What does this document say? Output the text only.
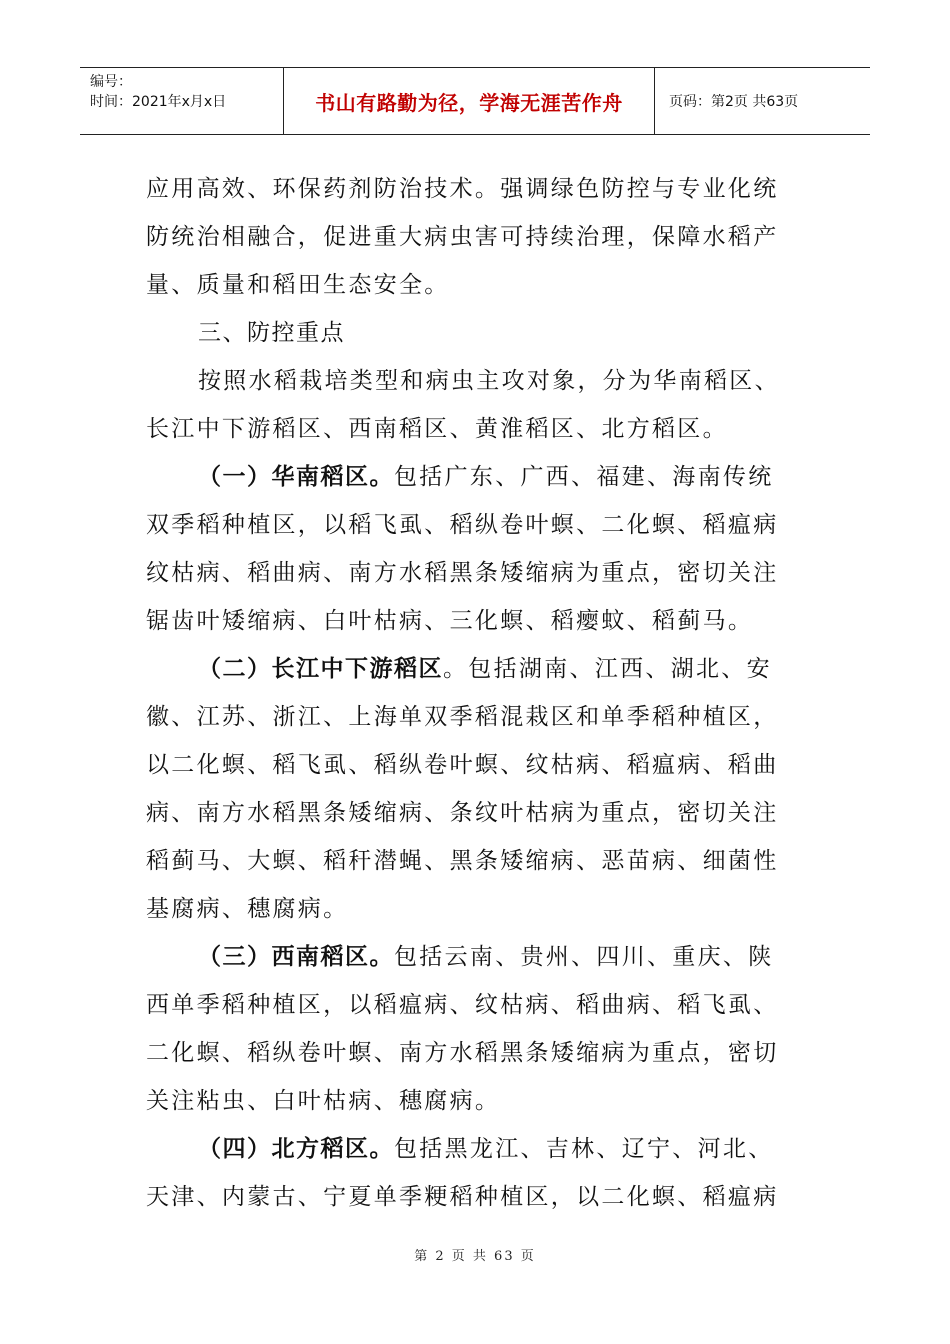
编号：
时间：2021年x月x日	书山有路勤为径，学海无涯苦作舟	页码：第2页 共63页
应用高效、环保药剂防治技术。强调绿色防控与专业化统
防统治相融合，促进重大病虫害可持续治理，保障水稻产
量、质量和稻田生态安全。
三、防控重点
按照水稻栽培类型和病虫主攻对象，分为华南稻区、
长江中下游稻区、西南稻区、黄淮稻区、北方稻区。
（一）华南稻区。包括广东、广西、福建、海南传统
双季稻种植区，以稻飞虱、稻纵卷叶螟、二化螟、稻瘟病
纹枯病、稻曲病、南方水稻黑条矮缩病为重点，密切关注
锯齿叶矮缩病、白叶枯病、三化螟、稻瘿蚊、稻蓟马。
（二）长江中下游稻区。包括湖南、江西、湖北、安
徽、江苏、浙江、上海单双季稻混栽区和单季稻种植区，
以二化螟、稻飞虱、稻纵卷叶螟、纹枯病、稻瘟病、稻曲
病、南方水稻黑条矮缩病、条纹叶枯病为重点，密切关注
稻蓟马、大螟、稻秆潜蝇、黑条矮缩病、恶苗病、细菌性
基腐病、穗腐病。
（三）西南稻区。包括云南、贵州、四川、重庆、陕
西单季稻种植区，以稻瘟病、纹枯病、稻曲病、稻飞虱、
二化螟、稻纵卷叶螟、南方水稻黑条矮缩病为重点，密切
关注粘虫、白叶枯病、穗腐病。
（四）北方稻区。包括黑龙江、吉林、辽宁、河北、
天津、内蒙古、宁夏单季粳稻种植区，以二化螟、稻瘟病
第 2 页 共 63 页
